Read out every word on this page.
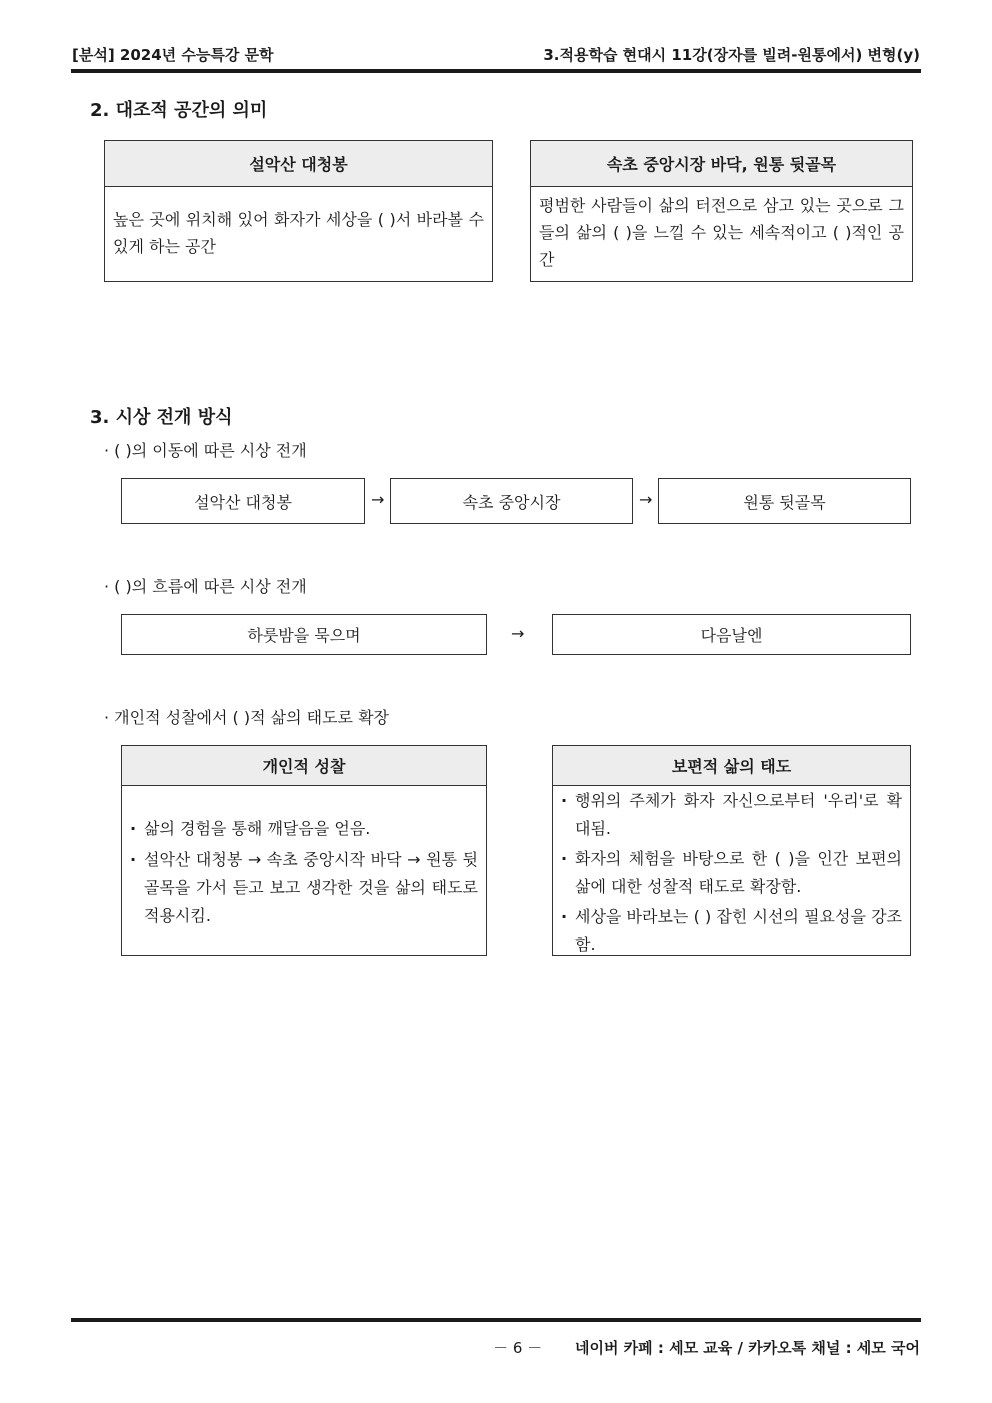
[분석] 2024년 수능특강 문학	3.적용학습 현대시 11강(장자를 빌려-원통에서) 변형(y)
2. 대조적 공간의 의미
설악산 대청봉
높은 곳에 위치해 있어 화자가 세상을 ( )서 바라볼 수 있게 하는 공간
속초 중앙시장 바닥, 원통 뒷골목
평범한 사람들이 삶의 터전으로 삼고 있는 곳으로 그들의 삶의 ( )을 느낄 수 있는 세속적이고 ( )적인 공간
3. 시상 전개 방식
· ( )의 이동에 따른 시상 전개
설악산 대청봉	→	속초 중앙시장	→	원통 뒷골목
· ( )의 흐름에 따른 시상 전개
하룻밤을 묵으며	→	다음날엔
· 개인적 성찰에서 ( )적 삶의 태도로 확장
개인적 성찰
· 삶의 경험을 통해 깨달음을 얻음.
· 설악산 대청봉 → 속초 중앙시작 바닥 → 원통 뒷골목을 가서 듣고 보고 생각한 것을 삶의 태도로 적용시킴.
보편적 삶의 태도
· 행위의 주체가 화자 자신으로부터 '우리'로 확대됨.
· 화자의 체험을 바탕으로 한 ( )을 인간 보편의 삶에 대한 성찰적 태도로 확장함.
· 세상을 바라보는 ( ) 잡힌 시선의 필요성을 강조함.
－ 6 － 네이버 카페 : 세모 교육 / 카카오톡 채널 : 세모 국어
